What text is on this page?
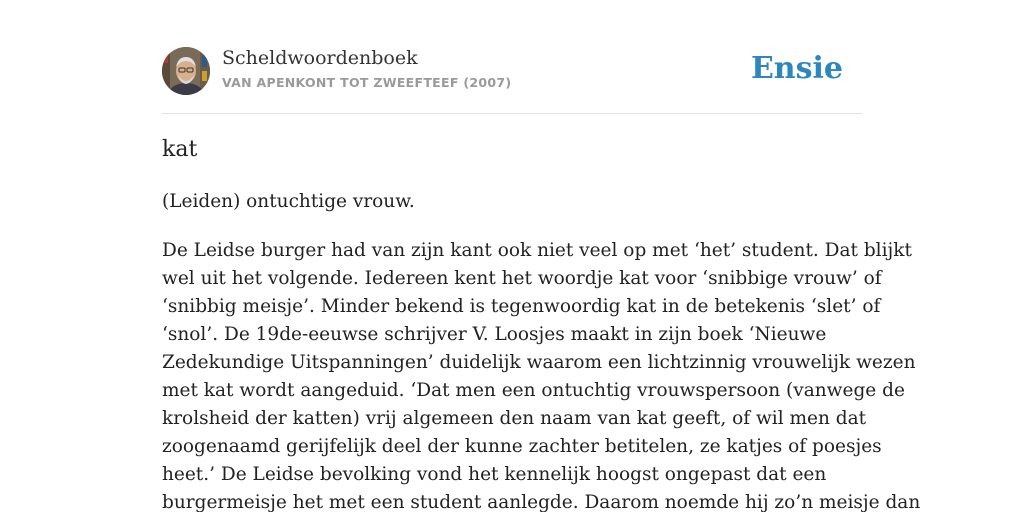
Scheldwoordenboek
VAN APENKONT TOT ZWEEFTEEF (2007)	Ensie
kat

(Leiden) ontuchtige vrouw.

De Leidse burger had van zijn kant ook niet veel op met ‘het’ student. Dat blijkt
wel uit het volgende. Iedereen kent het woordje kat voor ‘snibbige vrouw’ of
‘snibbig meisje’. Minder bekend is tegenwoordig kat in de betekenis ‘slet’ of
‘snol’. De 19de-eeuwse schrijver V. Loosjes maakt in zijn boek ‘Nieuwe
Zedekundige Uitspanningen’ duidelijk waarom een lichtzinnig vrouwelijk wezen
met kat wordt aangeduid. ‘Dat men een ontuchtig vrouwspersoon (vanwege de
krolsheid der katten) vrij algemeen den naam van kat geeft, of wil men dat
zoogenaamd gerijfelijk deel der kunne zachter betitelen, ze katjes of poesjes
heet.’ De Leidse bevolking vond het kennelijk hoogst ongepast dat een
burgermeisje het met een student aanlegde. Daarom noemde hij zo’n meisje dan
